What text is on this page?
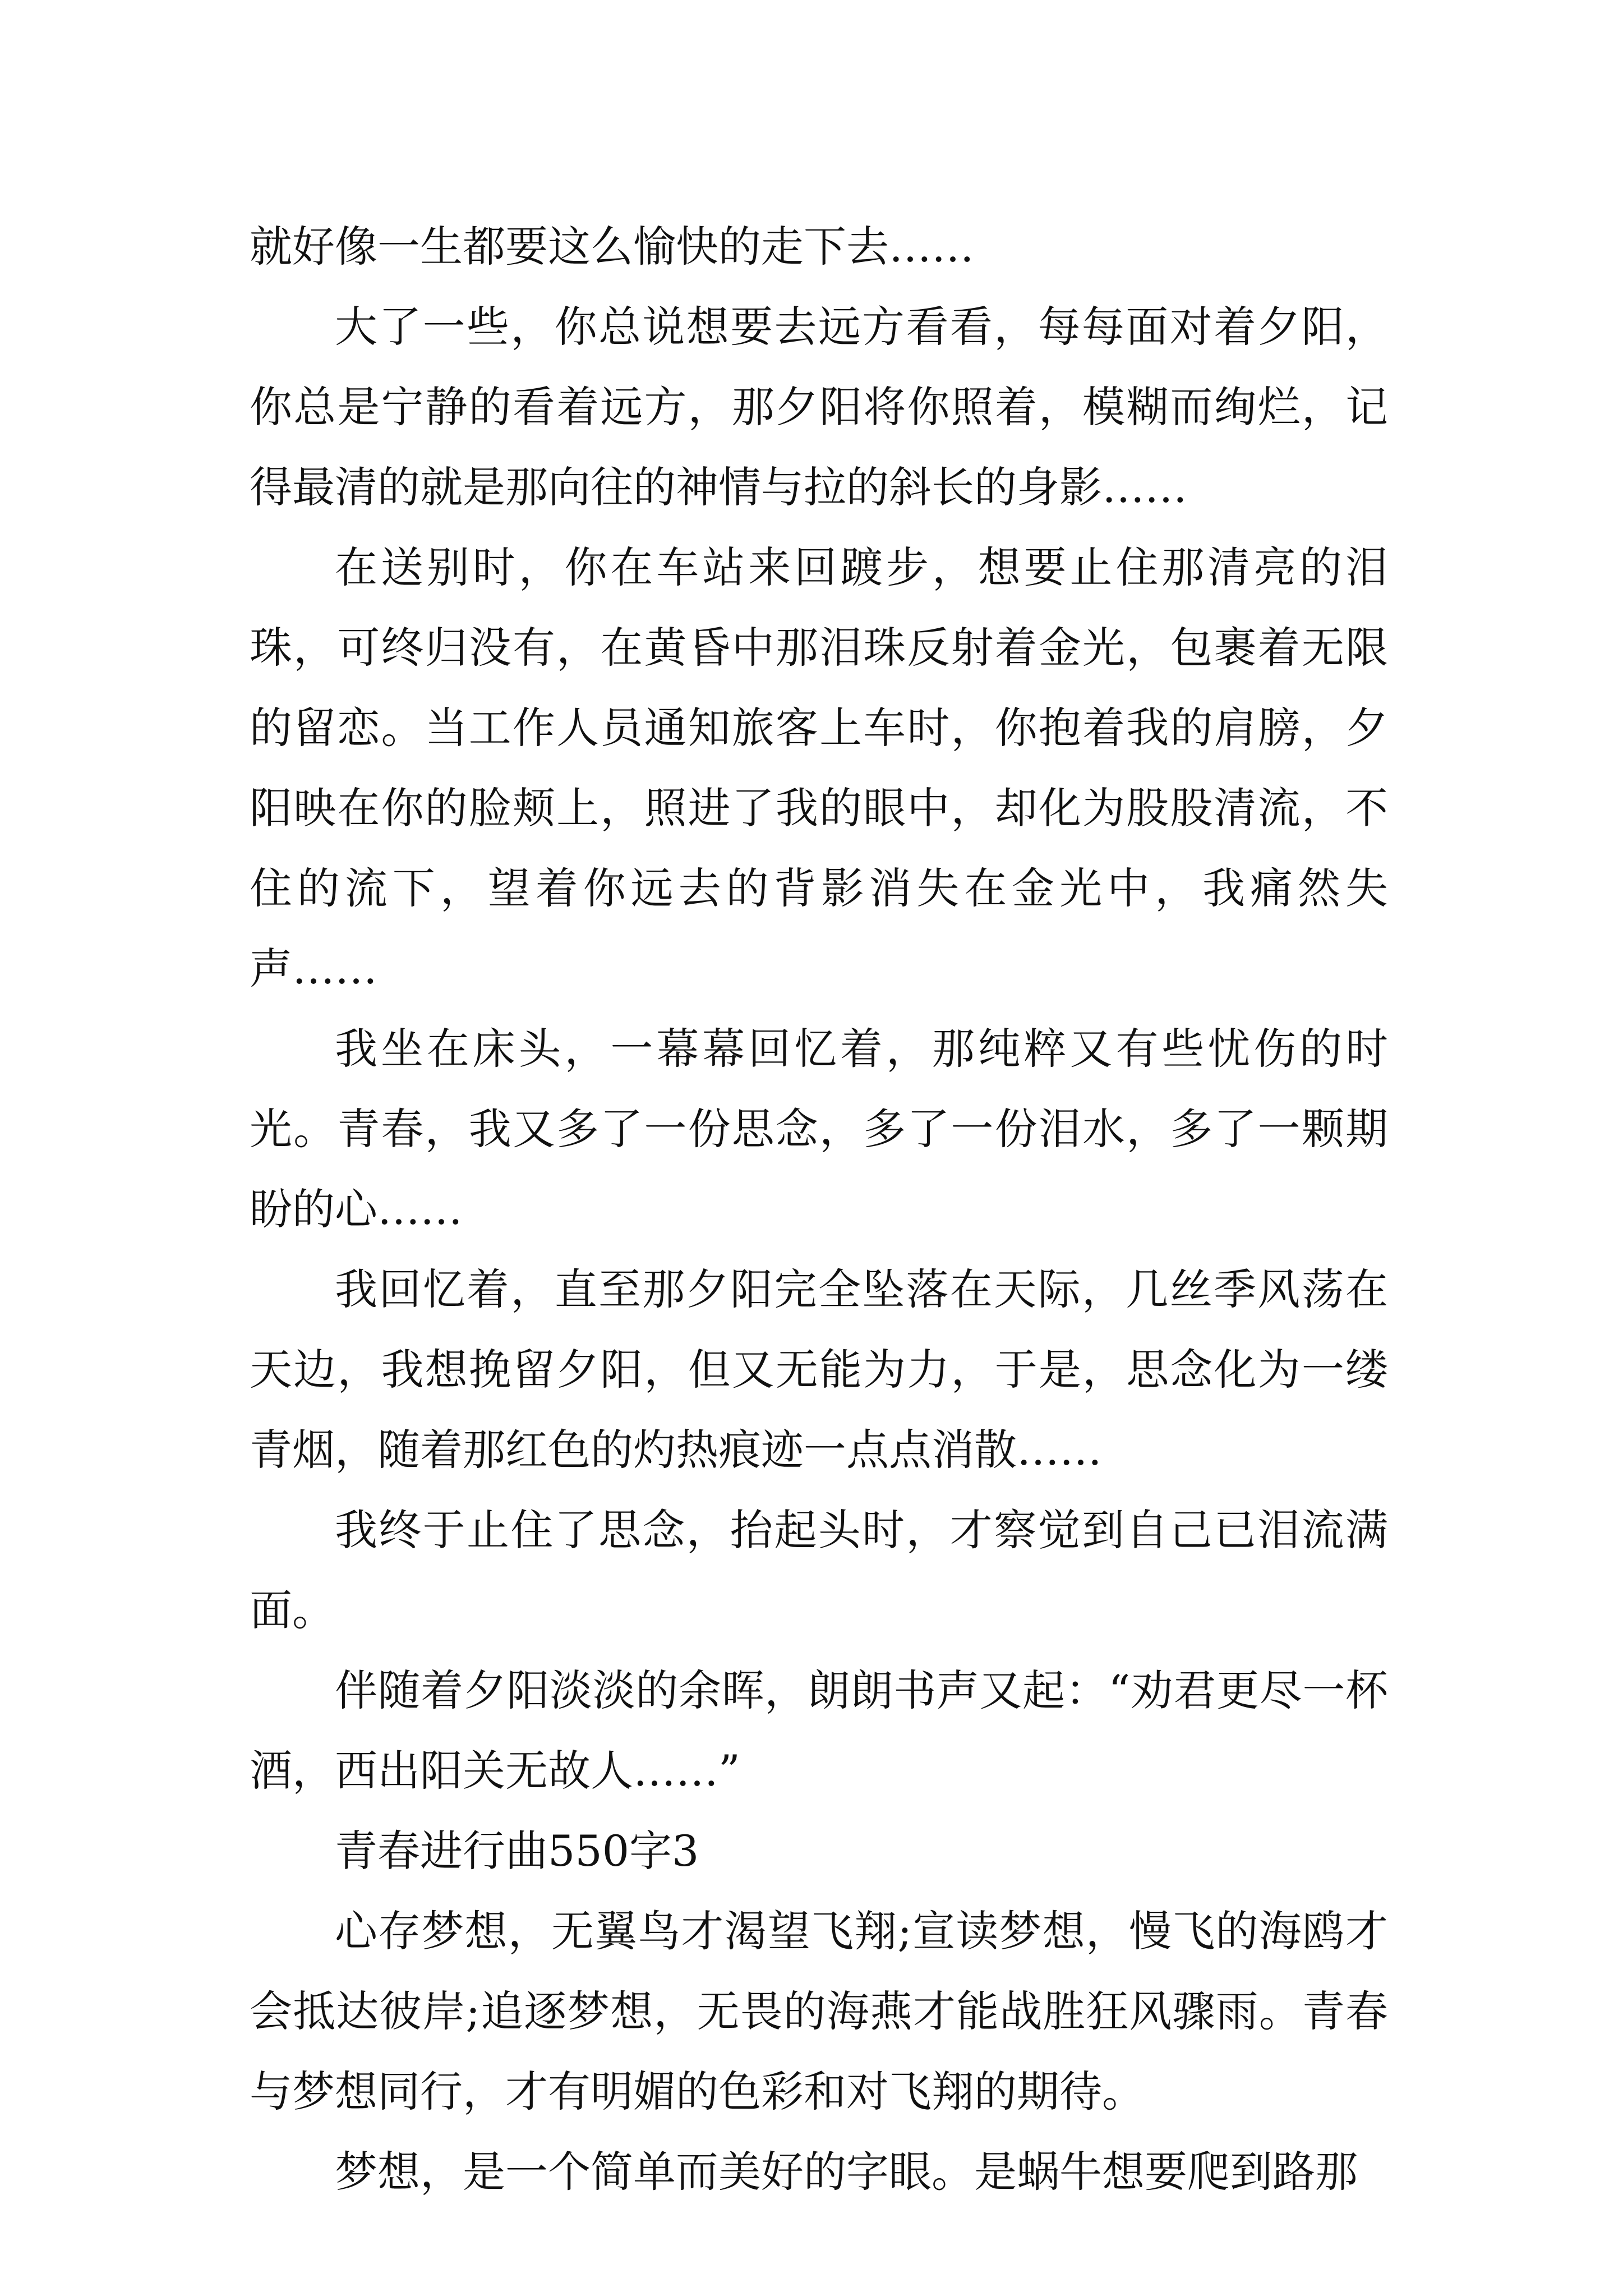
就好像一生都要这么愉快的走下去……

大了一些，你总说想要去远方看看，每每面对着夕阳，你总是宁静的看着远方，那夕阳将你照着，模糊而绚烂，记得最清的就是那向往的神情与拉的斜长的身影……

在送别时，你在车站来回踱步，想要止住那清亮的泪珠，可终归没有，在黄昏中那泪珠反射着金光，包裹着无限的留恋。当工作人员通知旅客上车时，你抱着我的肩膀，夕阳映在你的脸颊上，照进了我的眼中，却化为股股清流，不住的流下，望着你远去的背影消失在金光中，我痛然失声……

我坐在床头，一幕幕回忆着，那纯粹又有些忧伤的时光。青春，我又多了一份思念，多了一份泪水，多了一颗期盼的心……

我回忆着，直至那夕阳完全坠落在天际，几丝季风荡在天边，我想挽留夕阳，但又无能为力，于是，思念化为一缕青烟，随着那红色的灼热痕迹一点点消散……

我终于止住了思念，抬起头时，才察觉到自己已泪流满面。

伴随着夕阳淡淡的余晖，朗朗书声又起：“劝君更尽一杯酒，西出阳关无故人……”

青春进行曲550字3

心存梦想，无翼鸟才渴望飞翔;宣读梦想，慢飞的海鸥才会抵达彼岸;追逐梦想，无畏的海燕才能战胜狂风骤雨。青春与梦想同行，才有明媚的色彩和对飞翔的期待。

梦想，是一个简单而美好的字眼。是蜗牛想要爬到路那
